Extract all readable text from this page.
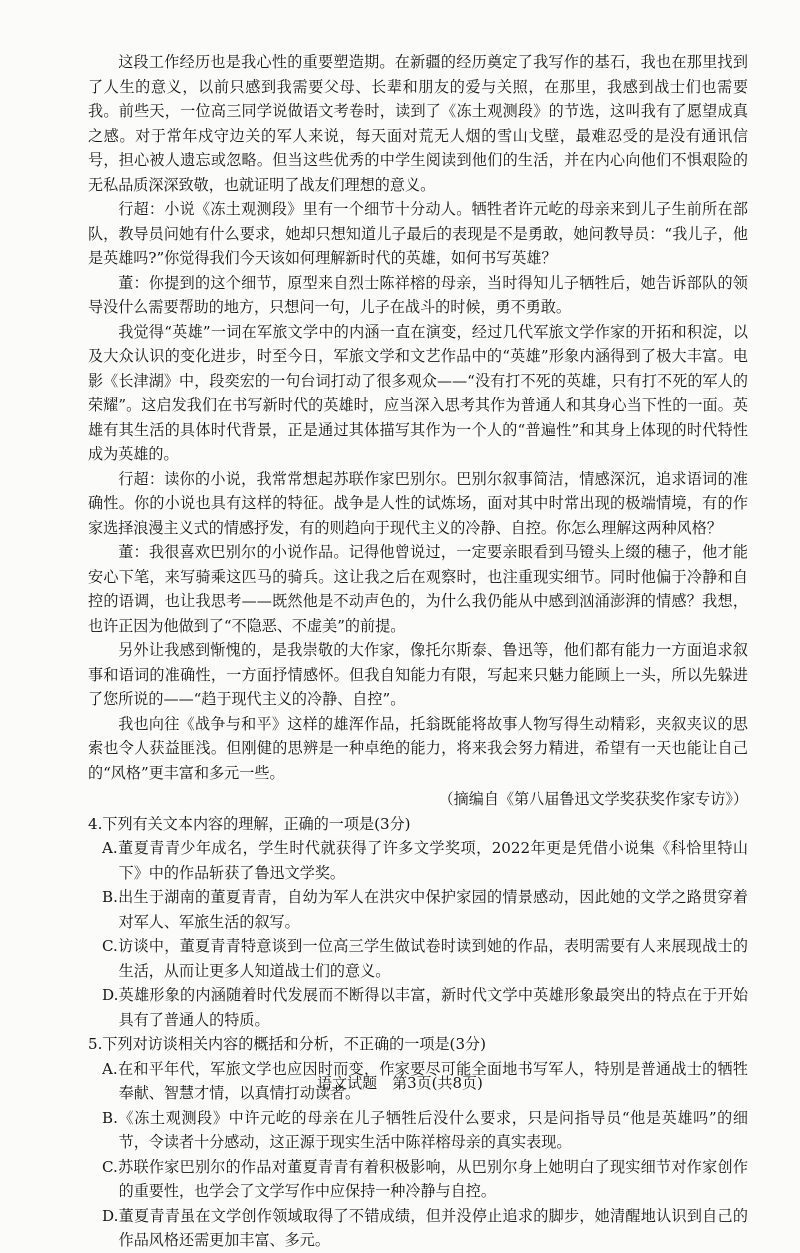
这段工作经历也是我心性的重要塑造期。在新疆的经历奠定了我写作的基石，我也在那里找到了人生的意义，以前只感到我需要父母、长辈和朋友的爱与关照，在那里，我感到战士们也需要我。前些天，一位高三同学说做语文考卷时，读到了《冻土观测段》的节选，这叫我有了愿望成真之感。对于常年戍守边关的军人来说，每天面对荒无人烟的雪山戈壁，最难忍受的是没有通讯信号，担心被人遗忘或忽略。但当这些优秀的中学生阅读到他们的生活，并在内心向他们不惧艰险的无私品质深深致敬，也就证明了战友们理想的意义。

行超：小说《冻土观测段》里有一个细节十分动人。牺牲者许元屹的母亲来到儿子生前所在部队，教导员问她有什么要求，她却只想知道儿子最后的表现是不是勇敢，她问教导员：“我儿子，他是英雄吗?”你觉得我们今天该如何理解新时代的英雄，如何书写英雄？

董：你提到的这个细节，原型来自烈士陈祥榕的母亲，当时得知儿子牺牲后，她告诉部队的领导没什么需要帮助的地方，只想问一句，儿子在战斗的时候，勇不勇敢。

我觉得“英雄”一词在军旅文学中的内涵一直在演变，经过几代军旅文学作家的开拓和积淀，以及大众认识的变化进步，时至今日，军旅文学和文艺作品中的“英雄”形象内涵得到了极大丰富。电影《长津湖》中，段奕宏的一句台词打动了很多观众——“没有打不死的英雄，只有打不死的军人的荣耀”。这启发我们在书写新时代的英雄时，应当深入思考其作为普通人和其身心当下性的一面。英雄有其生活的具体时代背景，正是通过其体描写其作为一个人的“普遍性”和其身上体现的时代特性成为英雄的。

行超：读你的小说，我常常想起苏联作家巴别尔。巴别尔叙事简洁，情感深沉，追求语词的准确性。你的小说也具有这样的特征。战争是人性的试炼场，面对其中时常出现的极端情境，有的作家选择浪漫主义式的情感抒发，有的则趋向于现代主义的冷静、自控。你怎么理解这两种风格？

董：我很喜欢巴别尔的小说作品。记得他曾说过，一定要亲眼看到马镫头上缀的穗子，他才能安心下笔，来写骑乘这匹马的骑兵。这让我之后在观察时，也注重现实细节。同时他偏于冷静和自控的语调，也让我思考——既然他是不动声色的，为什么我仍能从中感到汹涌澎湃的情感？我想，也许正因为他做到了“不隐恶、不虚美”的前提。

另外让我感到惭愧的，是我崇敬的大作家，像托尔斯泰、鲁迅等，他们都有能力一方面追求叙事和语词的准确性，一方面抒情感怀。但我自知能力有限，写起来只魅力能顾上一头，所以先躲进了您所说的——“趋于现代主义的冷静、自控”。

我也向往《战争与和平》这样的雄浑作品，托翁既能将故事人物写得生动精彩，夹叙夹议的思索也令人获益匪浅。但刚健的思辨是一种卓绝的能力，将来我会努力精进，希望有一天也能让自己的“风格”更丰富和多元一些。

（摘编自《第八届鲁迅文学奖获奖作家专访》）

4.下列有关文本内容的理解，正确的一项是(3分)

A.董夏青青少年成名，学生时代就获得了许多文学奖项，2022年更是凭借小说集《科恰里特山下》中的作品斩获了鲁迅文学奖。

B.出生于湖南的董夏青青，自幼为军人在洪灾中保护家园的情景感动，因此她的文学之路贯穿着对军人、军旅生活的叙写。

C.访谈中，董夏青青特意谈到一位高三学生做试卷时读到她的作品，表明需要有人来展现战士的生活，从而让更多人知道战士们的意义。

D.英雄形象的内涵随着时代发展而不断得以丰富，新时代文学中英雄形象最突出的特点在于开始具有了普通人的特质。

5.下列对访谈相关内容的概括和分析，不正确的一项是(3分)

A.在和平年代，军旅文学也应因时而变，作家要尽可能全面地书写军人，特别是普通战士的牺牲奉献、智慧才情，以真情打动读者。

B.《冻土观测段》中许元屹的母亲在儿子牺牲后没什么要求，只是问指导员“他是英雄吗”的细节，令读者十分感动，这正源于现实生活中陈祥榕母亲的真实表现。

C.苏联作家巴别尔的作品对董夏青青有着积极影响，从巴别尔身上她明白了现实细节对作家创作的重要性，也学会了文学写作中应保持一种冷静与自控。

D.董夏青青虽在文学创作领域取得了不错成绩，但并没停止追求的脚步，她清醒地认识到自己的作品风格还需更加丰富、多元。

语文试题　第3页(共8页)
